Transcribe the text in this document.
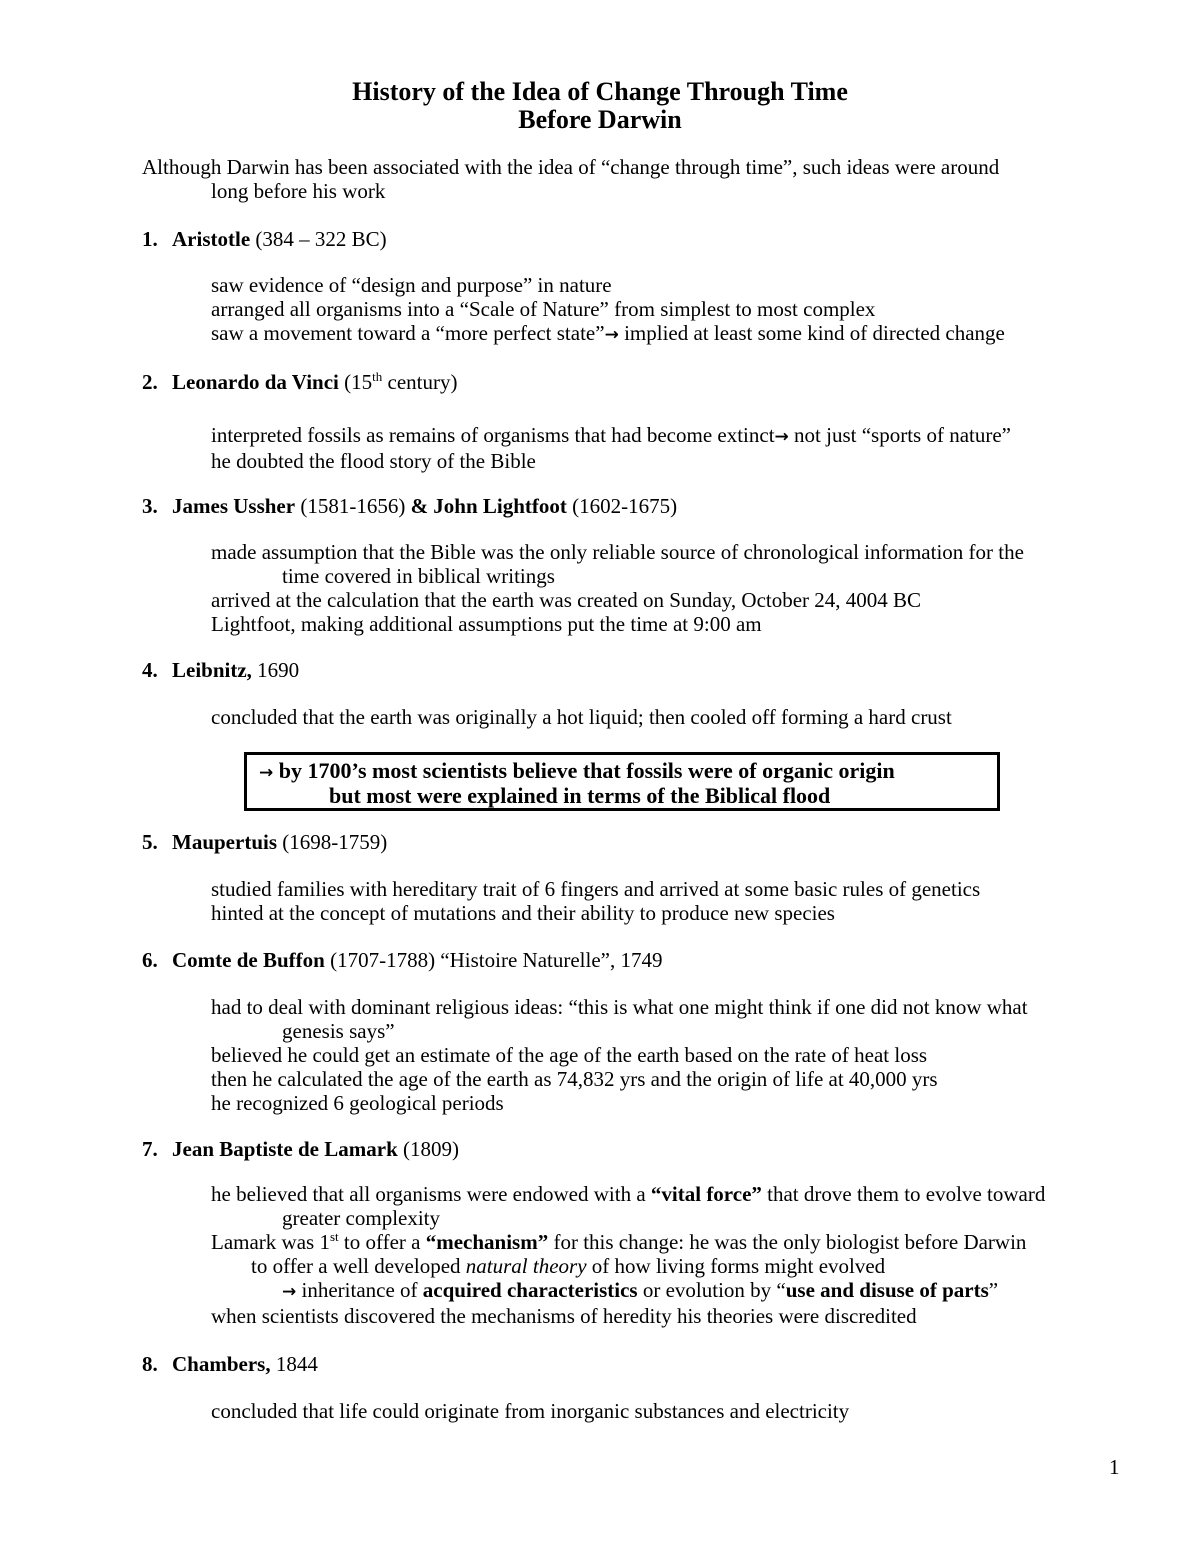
History of the Idea of Change Through Time
Before Darwin
Although Darwin has been associated with the idea of “change through time”, such ideas were around
long before his work
1. Aristotle (384 – 322 BC)
saw evidence of “design and purpose” in nature
arranged all organisms into a “Scale of Nature” from simplest to most complex
saw a movement toward a “more perfect state”→ implied at least some kind of directed change
2. Leonardo da Vinci (15th century)
interpreted fossils as remains of organisms that had become extinct→ not just “sports of nature”
he doubted the flood story of the Bible
3. James Ussher (1581-1656) & John Lightfoot (1602-1675)
made assumption that the Bible was the only reliable source of chronological information for the
time covered in biblical writings
arrived at the calculation that the earth was created on Sunday, October 24, 4004 BC
Lightfoot, making additional assumptions put the time at 9:00 am
4. Leibnitz, 1690
concluded that the earth was originally a hot liquid; then cooled off forming a hard crust
→ by 1700’s most scientists believe that fossils were of organic origin
but most were explained in terms of the Biblical flood
5. Maupertuis (1698-1759)
studied families with hereditary trait of 6 fingers and arrived at some basic rules of genetics
hinted at the concept of mutations and their ability to produce new species
6. Comte de Buffon (1707-1788) “Histoire Naturelle”, 1749
had to deal with dominant religious ideas: “this is what one might think if one did not know what
genesis says”
believed he could get an estimate of the age of the earth based on the rate of heat loss
then he calculated the age of the earth as 74,832 yrs and the origin of life at 40,000 yrs
he recognized 6 geological periods
7. Jean Baptiste de Lamark (1809)
he believed that all organisms were endowed with a “vital force” that drove them to evolve toward
greater complexity
Lamark was 1st to offer a “mechanism” for this change: he was the only biologist before Darwin
to offer a well developed natural theory of how living forms might evolved
→ inheritance of acquired characteristics or evolution by “use and disuse of parts”
when scientists discovered the mechanisms of heredity his theories were discredited
8. Chambers, 1844
concluded that life could originate from inorganic substances and electricity
1
